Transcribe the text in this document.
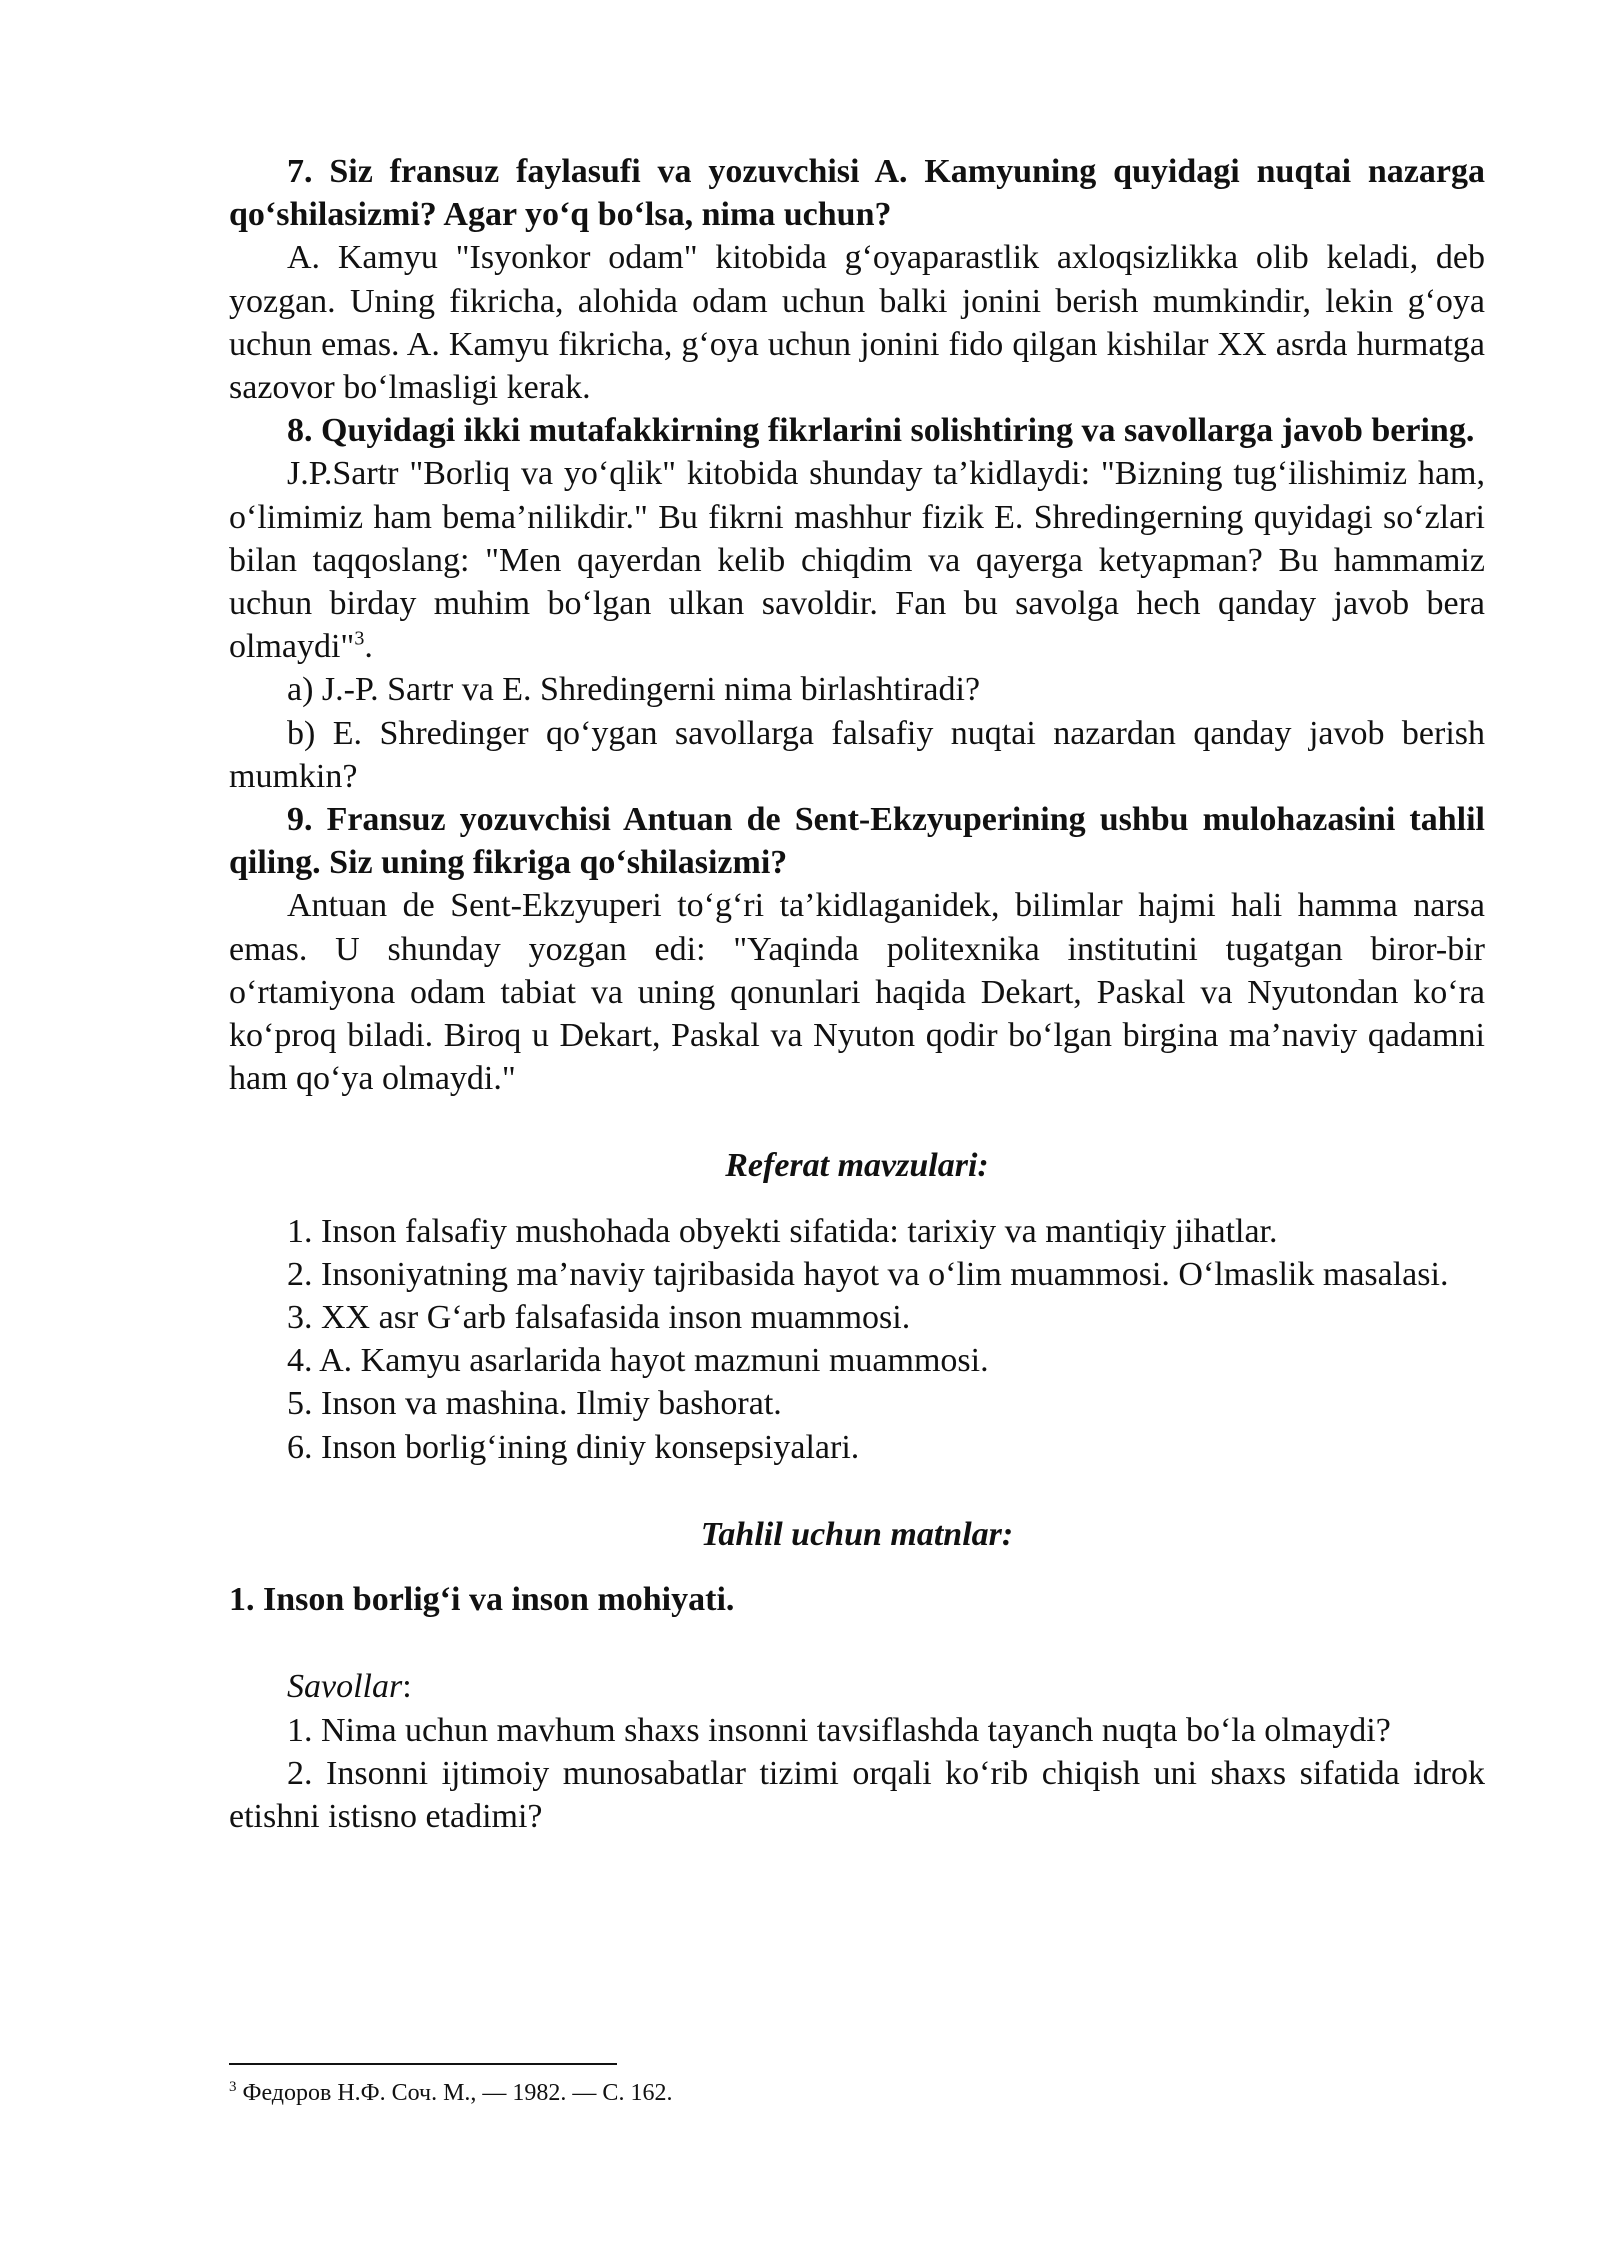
7. Siz fransuz faylasufi va yozuvchisi A. Kamyuning quyidagi nuqtai nazarga qo‘shilasizmi? Agar yo‘q bo‘lsa, nima uchun?

A. Kamyu "Isyonkor odam" kitobida g‘oyaparastlik axloqsizlikka olib keladi, deb yozgan. Uning fikricha, alohida odam uchun balki jonini berish mumkindir, lekin g‘oya uchun emas. A. Kamyu fikricha, g‘oya uchun jonini fido qilgan kishilar XX asrda hurmatga sazovor bo‘lmasligi kerak.

8. Quyidagi ikki mutafakkirning fikrlarini solishtiring va savollarga javob bering.

J.P.Sartr "Borliq va yo‘qlik" kitobida shunday ta’kidlaydi: "Bizning tug‘ilishimiz ham, o‘limimiz ham bema’nilikdir." Bu fikrni mashhur fizik E. Shredingerning quyidagi so‘zlari bilan taqqoslang: "Men qayerdan kelib chiqdim va qayerga ketyapman? Bu hammamiz uchun birday muhim bo‘lgan ulkan savoldir. Fan bu savolga hech qanday javob bera olmaydi"$^3$.

a) J.-P. Sartr va E. Shredingerni nima birlashtiradi?

b) E. Shredinger qo‘ygan savollarga falsafiy nuqtai nazardan qanday javob berish mumkin?

9. Fransuz yozuvchisi Antuan de Sent-Ekzyuperining ushbu mulohazasini tahlil qiling. Siz uning fikriga qo‘shilasizmi?

Antuan de Sent-Ekzyuperi to‘g‘ri ta’kidlaganidek, bilimlar hajmi hali hamma narsa emas. U shunday yozgan edi: "Yaqinda politexnika institutini tugatgan biror-bir o‘rtamiyona odam tabiat va uning qonunlari haqida Dekart, Paskal va Nyutondan ko‘ra ko‘proq biladi. Biroq u Dekart, Paskal va Nyuton qodir bo‘lgan birgina ma’naviy qadamni ham qo‘ya olmaydi."

Referat mavzulari:

1. Inson falsafiy mushohada obyekti sifatida: tarixiy va mantiqiy jihatlar.

2. Insoniyatning ma’naviy tajribasida hayot va o‘lim muammosi. O‘lmaslik masalasi.

3. XX asr G‘arb falsafasida inson muammosi.

4. A. Kamyu asarlarida hayot mazmuni muammosi.

5. Inson va mashina. Ilmiy bashorat.

6. Inson borlig‘ining diniy konsepsiyalari.

Tahlil uchun matnlar:

1. Inson borlig‘i va inson mohiyati.

Savollar:

1. Nima uchun mavhum shaxs insonni tavsiflashda tayanch nuqta bo‘la olmaydi?

2. Insonni ijtimoiy munosabatlar tizimi orqali ko‘rib chiqish uni shaxs sifatida idrok etishni istisno etadimi?

$^3$ Федоров Н.Ф. Соч. М., — 1982. — С. 162.
